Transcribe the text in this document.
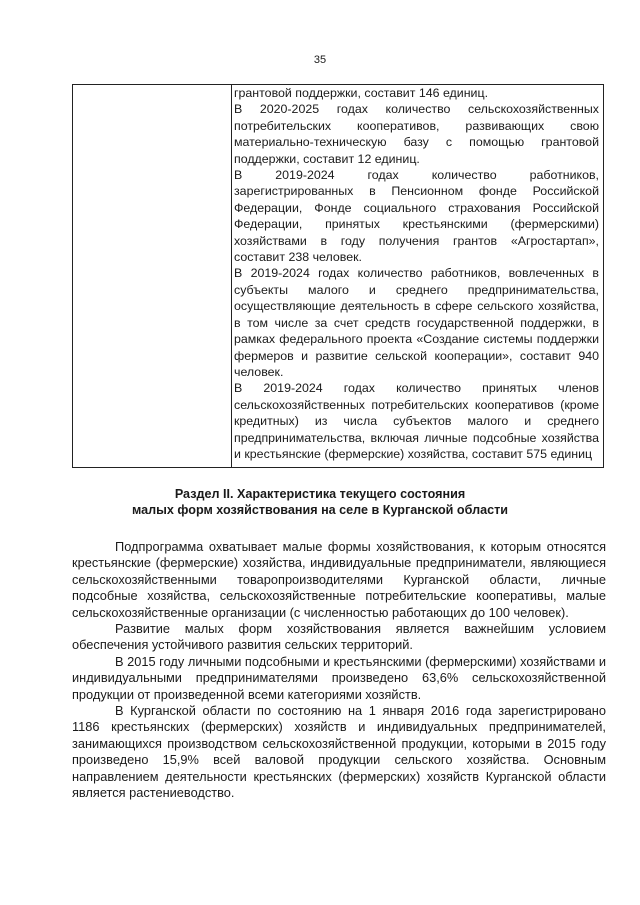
35

грантовой поддержки, составит 146 единиц.

В 2020-2025 годах количество сельскохозяйственных потребительских кооперативов, развивающих свою материально-техническую базу с помощью грантовой поддержки, составит 12 единиц.

В 2019-2024 годах количество работников, зарегистрированных в Пенсионном фонде Российской Федерации, Фонде социального страхования Российской Федерации, принятых крестьянскими (фермерскими) хозяйствами в году получения грантов «Агростартап», составит 238 человек.

В 2019-2024 годах количество работников, вовлеченных в субъекты малого и среднего предпринимательства, осуществляющие деятельность в сфере сельского хозяйства, в том числе за счет средств государственной поддержки, в рамках федерального проекта «Создание системы поддержки фермеров и развитие сельской кооперации», составит 940 человек.

В 2019-2024 годах количество принятых членов сельскохозяйственных потребительских кооперативов (кроме кредитных) из числа субъектов малого и среднего предпринимательства, включая личные подсобные хозяйства и крестьянские (фермерские) хозяйства, составит 575 единиц

Раздел II. Характеристика текущего состояния
малых форм хозяйствования на селе в Курганской области

Подпрограмма охватывает малые формы хозяйствования, к которым относятся крестьянские (фермерские) хозяйства, индивидуальные предприниматели, являющиеся сельскохозяйственными товаропроизводителями Курганской области, личные подсобные хозяйства, сельскохозяйственные потребительские кооперативы, малые сельскохозяйственные организации (с численностью работающих до 100 человек).

Развитие малых форм хозяйствования является важнейшим условием обеспечения устойчивого развития сельских территорий.

В 2015 году личными подсобными и крестьянскими (фермерскими) хозяйствами и индивидуальными предпринимателями произведено 63,6% сельскохозяйственной продукции от произведенной всеми категориями хозяйств.

В Курганской области по состоянию на 1 января 2016 года зарегистрировано 1186 крестьянских (фермерских) хозяйств и индивидуальных предпринимателей, занимающихся производством сельскохозяйственной продукции, которыми в 2015 году произведено 15,9% всей валовой продукции сельского хозяйства. Основным направлением деятельности крестьянских (фермерских) хозяйств Курганской области является растениеводство.
